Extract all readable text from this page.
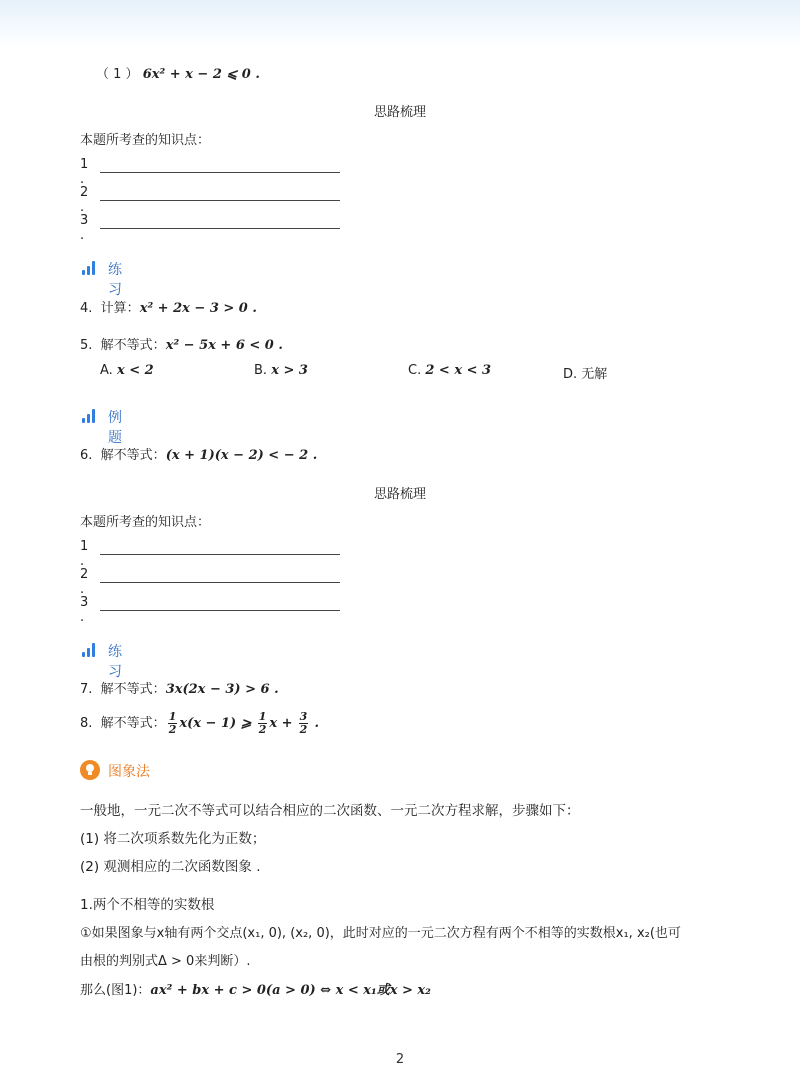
（ 1 ） 6x² + x − 2 ⩽ 0 .
思路梳理
本题所考查的知识点：
1 .
2 .
3 .
练习
4. 计算：x² + 2x − 3 > 0 .
5. 解不等式：x² − 5x + 6 < 0 .
A. x < 2	B. x > 3	C. 2 < x < 3	D. 无解
例题
6. 解不等式：(x + 1)(x − 2) < − 2 .
思路梳理
本题所考查的知识点：
1 .
2 .
3 .
练习
7. 解不等式：3x(2x − 3) > 6 .
8. 解不等式： $\frac{1}{2} x(x - 1)$ ⩾ $\frac{1}{2}$ $x + \frac{3}{2}$ .
图象法
一般地，一元二次不等式可以结合相应的二次函数、一元二次方程求解，步骤如下：
(1) 将二次项系数先化为正数；
(2) 观测相应的二次函数图象 .
1.两个不相等的实数根
①如果图象与x轴有两个交点(x₁, 0), (x₂, 0)，此时对应的一元二次方程有两个不相等的实数根x₁, x₂(也可
由根的判别式Δ > 0来判断）.
那么(图1)：ax² + bx + c > 0(a > 0) ⇔ x < x₁或x > x₂
2
